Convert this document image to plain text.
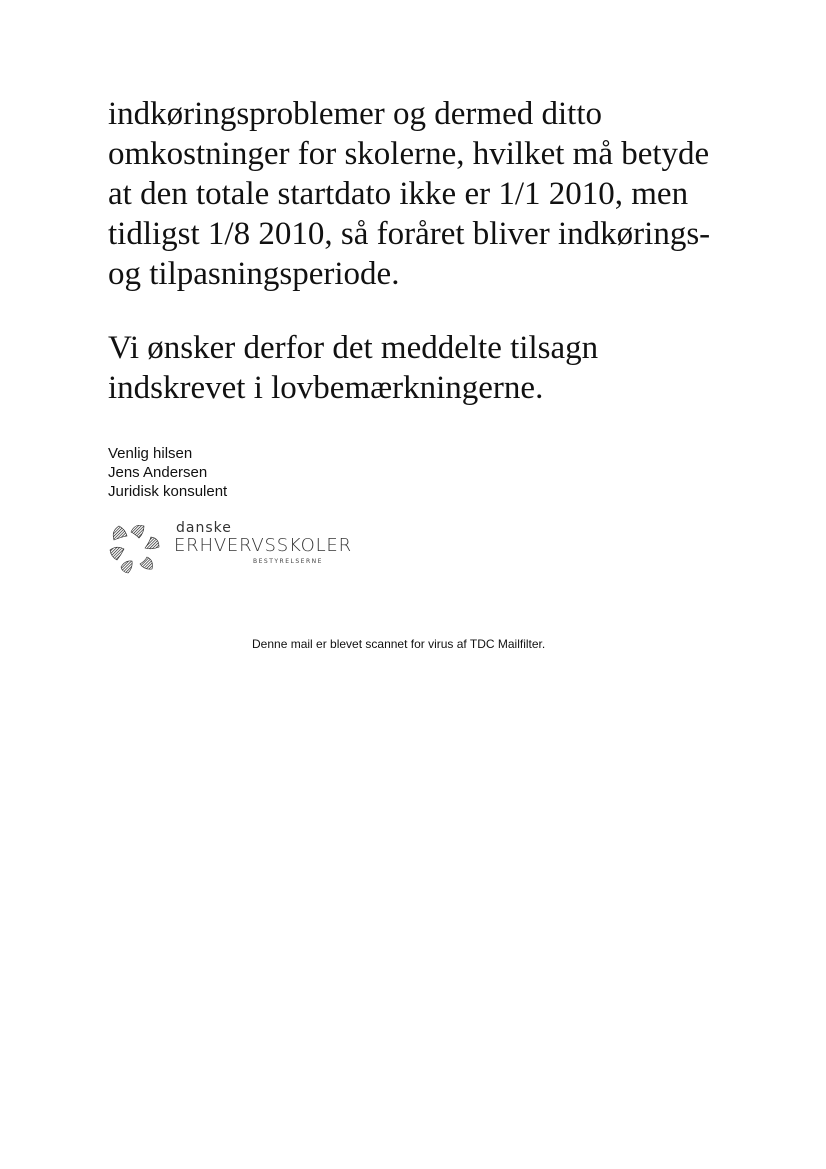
indkøringsproblemer og dermed ditto
omkostninger for skolerne, hvilket må betyde
at den totale startdato ikke er 1/1 2010, men
tidligst 1/8 2010, så foråret bliver indkørings-
og tilpasningsperiode.

Vi ønsker derfor det meddelte tilsagn
indskrevet i lovbemærkningerne.

Venlig hilsen
Jens Andersen
Juridisk konsulent
danske
ERHVERVSSKOLER
BESTYRELSERNE
Denne mail er blevet scannet for virus af TDC Mailfilter.
